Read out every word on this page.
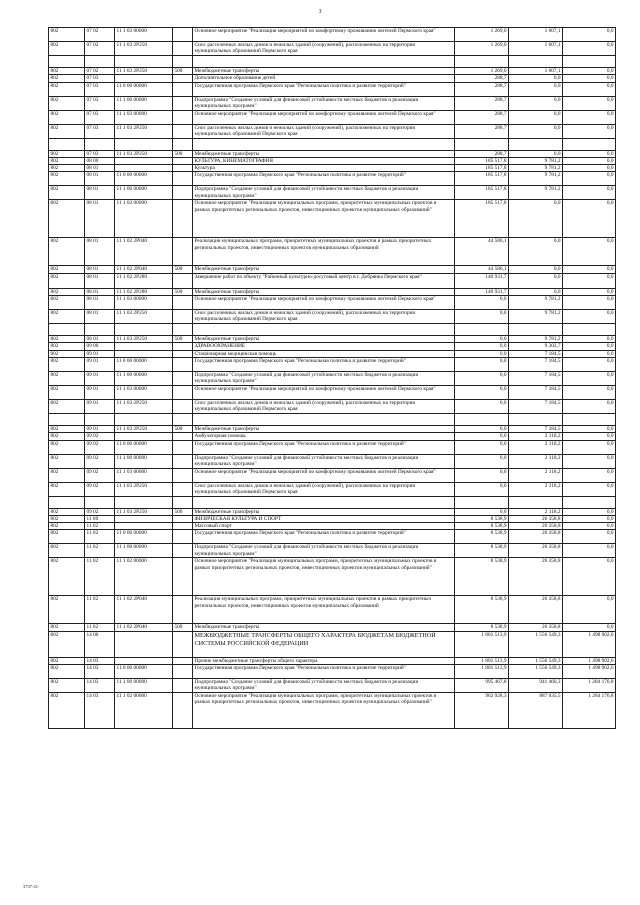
3
802	07 02	11 1 03 00000		Основное мероприятие "Реализация мероприятий по комфортному проживанию жителей Пермского края"	1 269,0	1 607,1	0,0
802	07 02	11 1 03 2P250		Снос расселенных жилых домов и нежилых зданий (сооружений), расположенных на территории муниципальных образований Пермского края	1 269,0	1 607,1	0,0

802	07 02	11 1 03 2P250	500	Межбюджетные трансферты	1 269,0	1 607,1	0,0
802	07 03			Дополнительное образование детей	288,7	0,0	0,0
802	07 03	11 0 00 00000		Государственная программа Пермского края "Региональная политика и развитие территорий"	288,7	0,0	0,0
802	07 03	11 1 00 00000		Подпрограмма "Создание условий для финансовой устойчивости местных бюджетов и реализации муниципальных программ"	288,7	0,0	0,0
802	07 03	11 1 03 00000		Основное мероприятие "Реализация мероприятий по комфортному проживанию жителей Пермского края"	288,7	0,0	0,0
802	07 03	11 1 03 2P250		Снос расселенных жилых домов и нежилых зданий (сооружений), расположенных на территории муниципальных образований Пермского края	288,7	0,0	0,0

802	07 03	11 1 03 2P250	500	Межбюджетные трансферты	288,7	0,0	0,0
802	08 00			КУЛЬТУРА, КИНЕМАТОГРАФИЯ	185 517,8	9 781,2	0,0
802	08 01			Культура	185 517,8	9 781,2	0,0
802	08 01	11 0 00 00000		Государственная программа Пермского края "Региональная политика и развитие территорий"	185 517,8	9 781,2	0,0
802	08 01	11 1 00 00000		Подпрограмма "Создание условий для финансовой устойчивости местных бюджетов и реализации муниципальных программ"	185 517,8	9 781,2	0,0
802	08 01	11 1 02 00000		Основное мероприятие "Реализация муниципальных программ, приоритетных муниципальных проектов в рамках приоритетных региональных проектов, инвестиционных проектов муниципальных образований"	185 517,8	0,0	0,0
802	08 01	11 1 02 2P040		Реализация муниципальных программ, приоритетных муниципальных проектов в рамках приоритетных региональных проектов, инвестиционных проектов муниципальных образований	44 586,1	0,0	0,0
802	08 01	11 1 02 2P040	500	Межбюджетные трансферты	44 586,1	0,0	0,0
802	08 01	11 1 02 2P280		Завершение работ по объекту "Районный культурно-досуговый центр в г. Добрянка Пермского края"	140 931,7	0,0	0,0
802	08 01	11 1 02 2P280	500	Межбюджетные трансферты	140 931,7	0,0	0,0
802	08 01	11 1 03 00000		Основное мероприятие "Реализация мероприятий по комфортному проживанию жителей Пермского края"	0,0	9 781,2	0,0
802	08 01	11 1 03 2P250		Снос расселенных жилых домов и нежилых зданий (сооружений), расположенных на территории муниципальных образований Пермского края	0,0	9 781,2	0,0

802	08 01	11 1 03 2P250	500	Межбюджетные трансферты	0,0	9 781,2	0,0
802	09 00			ЗДРАВООХРАНЕНИЕ	0,0	9 302,7	0,0
802	09 01			Стационарная медицинская помощь	0,0	7 184,5	0,0
802	09 01	11 0 00 00000		Государственная программа Пермского края "Региональная политика и развитие территорий"	0,0	7 184,5	0,0
802	09 01	11 1 00 00000		Подпрограмма "Создание условий для финансовой устойчивости местных бюджетов и реализации муниципальных программ"	0,0	7 184,5	0,0
802	09 01	11 1 03 00000		Основное мероприятие "Реализация мероприятий по комфортному проживанию жителей Пермского края"	0,0	7 184,5	0,0
802	09 01	11 1 03 2P250		Снос расселенных жилых домов и нежилых зданий (сооружений), расположенных на территории муниципальных образований Пермского края	0,0	7 184,5	0,0

802	09 01	11 1 03 2P250	500	Межбюджетные трансферты	0,0	7 184,5	0,0
802	09 02			Амбулаторная помощь	0,0	2 118,2	0,0
802	09 02	11 0 00 00000		Государственная программа Пермского края "Региональная политика и развитие территорий"	0,0	2 118,2	0,0
802	09 02	11 1 00 00000		Подпрограмма "Создание условий для финансовой устойчивости местных бюджетов и реализации муниципальных программ"	0,0	2 118,2	0,0
802	09 02	11 1 03 00000		Основное мероприятие "Реализация мероприятий по комфортному проживанию жителей Пермского края"	0,0	2 118,2	0,0
802	09 02	11 1 03 2P250		Снос расселенных жилых домов и нежилых зданий (сооружений), расположенных на территории муниципальных образований Пермского края	0,0	2 118,2	0,0

802	09 02	11 1 03 2P250	500	Межбюджетные трансферты	0,0	2 118,2	0,0
802	11 00			ФИЗИЧЕСКАЯ КУЛЬТУРА И СПОРТ	8 538,9	26 358,8	0,0
802	11 02			Массовый спорт	8 538,9	26 358,8	0,0
802	11 02	11 0 00 00000		Государственная программа Пермского края "Региональная политика и развитие территорий"	8 538,9	26 358,8	0,0
802	11 02	11 1 00 00000		Подпрограмма "Создание условий для финансовой устойчивости местных бюджетов и реализации муниципальных программ"	8 538,9	26 358,8	0,0
802	11 02	11 1 02 00000		Основное мероприятие "Реализация муниципальных программ, приоритетных муниципальных проектов в рамках приоритетных региональных проектов, инвестиционных проектов муниципальных образований"	8 538,9	26 358,8	0,0
802	11 02	11 1 02 2P040		Реализация муниципальных программ, приоритетных муниципальных проектов в рамках приоритетных региональных проектов, инвестиционных проектов муниципальных образований	8 538,9	26 358,8	0,0
802	11 02	11 1 02 2P040	500	Межбюджетные трансферты	8 538,9	26 358,8	0,0
802	14 00			МЕЖБЮДЖЕТНЫЕ ТРАНСФЕРТЫ ОБЩЕГО ХАРАКТЕРА БЮДЖЕТАМ БЮДЖЕТНОЙ СИСТЕМЫ РОССИЙСКОЙ ФЕДЕРАЦИИ	1 801 513,9	1 556 549,3	1 498 902,6
802	14 03			Прочие межбюджетные трансферты общего характера	1 801 513,9	1 556 549,3	1 498 902,6
802	14 03	11 0 00 00000		Государственная программа Пермского края "Региональная политика и развитие территорий"	1 801 513,9	1 556 549,3	1 498 902,6
802	14 03	11 1 00 00000		Подпрограмма "Создание условий для финансовой устойчивости местных бюджетов и реализации муниципальных программ"	995 467,8	941 460,3	1 284 176,8
802	14 03	11 1 02 00000		Основное мероприятие "Реализация муниципальных программ, приоритетных муниципальных проектов в рамках приоритетных региональных проектов, инвестиционных проектов муниципальных образований"	962 928,3	887 035,5	1 284 176,8
3737-21
